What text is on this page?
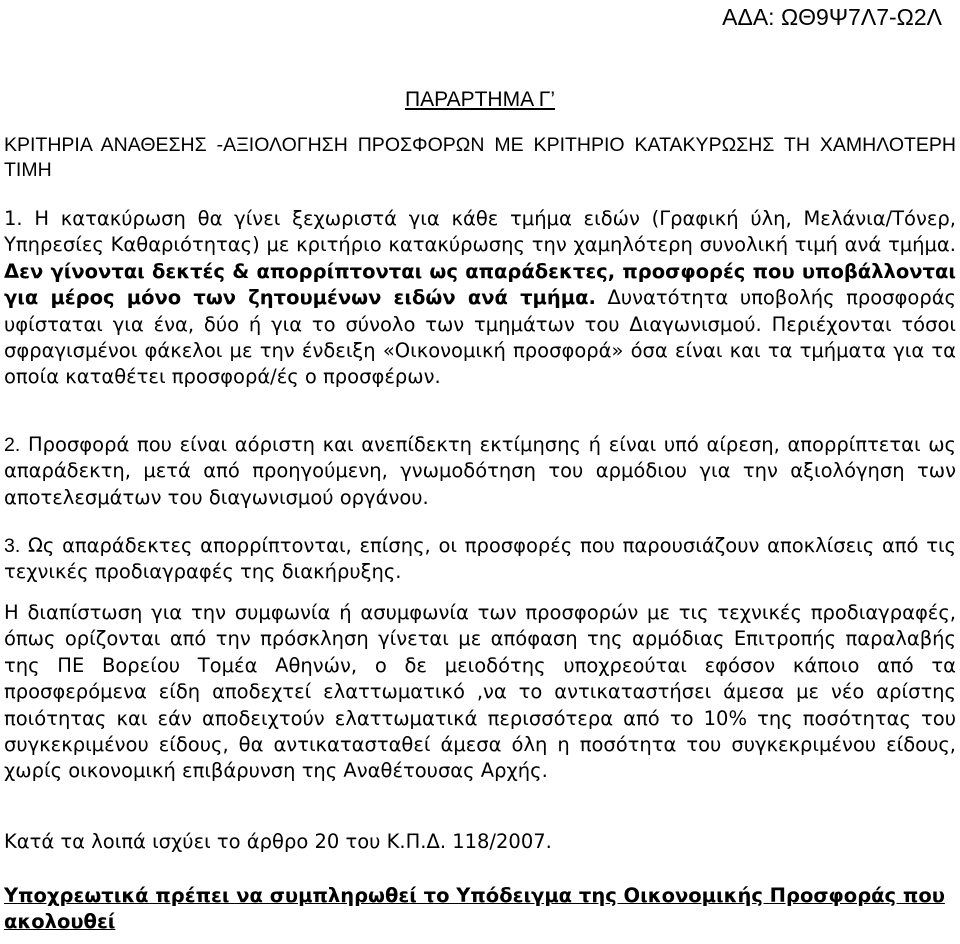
ΑΔΑ: ΩΘ9Ψ7Λ7-Ω2Λ
ΠΑΡΑΡΤΗΜΑ Γ’
ΚΡΙΤΗΡΙΑ ΑΝΑΘΕΣΗΣ -ΑΞΙΟΛΟΓΗΣΗ ΠΡΟΣΦΟΡΩΝ ΜΕ ΚΡΙΤΗΡΙΟ ΚΑΤΑΚΥΡΩΣΗΣ ΤΗ ΧΑΜΗΛΟΤΕΡΗ ΤΙΜΗ
1. Η κατακύρωση θα γίνει ξεχωριστά για κάθε τμήμα ειδών (Γραφική ύλη, Μελάνια/Τόνερ, Υπηρεσίες Καθαριότητας) με κριτήριο κατακύρωσης την χαμηλότερη συνολική τιμή ανά τμήμα. Δεν γίνονται δεκτές & απορρίπτονται ως απαράδεκτες, προσφορές που υποβάλλονται για μέρος μόνο των ζητουμένων ειδών ανά τμήμα. Δυνατότητα υποβολής προσφοράς υφίσταται για ένα, δύο ή για το σύνολο των τμημάτων του Διαγωνισμού. Περιέχονται τόσοι σφραγισμένοι φάκελοι με την ένδειξη «Οικονομική προσφορά» όσα είναι και τα τμήματα για τα οποία καταθέτει προσφορά/ές ο προσφέρων.
2. Προσφορά που είναι αόριστη και ανεπίδεκτη εκτίμησης ή είναι υπό αίρεση, απορρίπτεται ως απαράδεκτη, μετά από προηγούμενη, γνωμοδότηση του αρμόδιου για την αξιολόγηση των αποτελεσμάτων του διαγωνισμού οργάνου.
3. Ως απαράδεκτες απορρίπτονται, επίσης, οι προσφορές που παρουσιάζουν αποκλίσεις από τις τεχνικές προδιαγραφές της διακήρυξης.
Η διαπίστωση για την συμφωνία ή ασυμφωνία των προσφορών με τις τεχνικές προδιαγραφές, όπως ορίζονται από την πρόσκληση γίνεται με απόφαση της αρμόδιας Επιτροπής παραλαβής της ΠΕ Βορείου Τομέα Αθηνών, ο δε μειοδότης υποχρεούται εφόσον κάποιο από τα προσφερόμενα είδη αποδεχτεί ελαττωματικό ,να το αντικαταστήσει άμεσα με νέο αρίστης ποιότητας και εάν αποδειχτούν ελαττωματικά περισσότερα από το 10% της ποσότητας του συγκεκριμένου είδους, θα αντικατασταθεί άμεσα όλη η ποσότητα του συγκεκριμένου είδους, χωρίς οικονομική επιβάρυνση της Αναθέτουσας Αρχής.
Κατά τα λοιπά ισχύει το άρθρο 20 του Κ.Π.Δ. 118/2007.
Υποχρεωτικά πρέπει να συμπληρωθεί το Υπόδειγμα της Οικονομικής Προσφοράς που ακολουθεί
